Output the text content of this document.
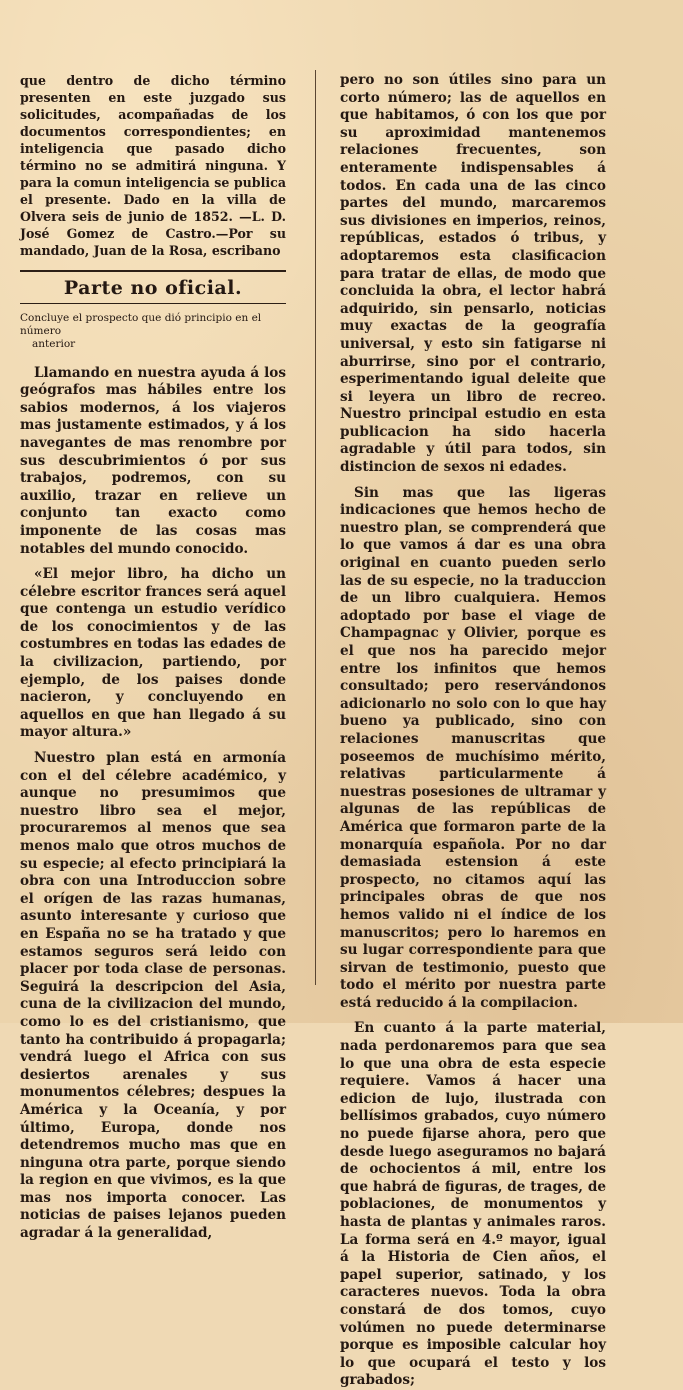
que dentro de dicho término presenten en este juzgado sus solicitudes, acompañadas de los documentos correspondientes; en inteligencia que pasado dicho término no se admitirá ninguna. Y para la comun inteligencia se publica el presente. Dado en la villa de Olvera seis de junio de 1852. —L. D. José Gomez de Castro.—Por su mandado, Juan de la Rosa, escribano

Parte no oficial.
Concluye el prospecto que dió principio en el número
anterior

Llamando en nuestra ayuda á los geógrafos mas hábiles entre los sabios modernos, á los viajeros mas justamente estimados, y á los navegantes de mas renombre por sus descubrimientos ó por sus trabajos, podremos, con su auxilio, trazar en relieve un conjunto tan exacto como imponente de las cosas mas notables del mundo conocido.

«El mejor libro, ha dicho un célebre escritor frances será aquel que contenga un estudio verídico de los conocimientos y de las costumbres en todas las edades de la civilizacion, partiendo, por ejemplo, de los paises donde nacieron, y concluyendo en aquellos en que han llegado á su mayor altura.»

Nuestro plan está en armonía con el del célebre académico, y aunque no presumimos que nuestro libro sea el mejor, procuraremos al menos que sea menos malo que otros muchos de su especie; al efecto principiará la obra con una Introduccion sobre el orígen de las razas humanas, asunto interesante y curioso que en España no se ha tratado y que estamos seguros será leido con placer por toda clase de personas. Seguirá la descripcion del Asia, cuna de la civilizacion del mundo, como lo es del cristianismo, que tanto ha contribuido á propagarla; vendrá luego el Africa con sus desiertos arenales y sus monumentos célebres; despues la América y la Oceanía, y por último, Europa, donde nos detendremos mucho mas que en ninguna otra parte, porque siendo la region en que vivimos, es la que mas nos importa conocer. Las noticias de paises lejanos pueden agradar á la generalidad,

pero no son útiles sino para un corto número; las de aquellos en que habitamos, ó con los que por su aproximidad mantenemos relaciones frecuentes, son enteramente indispensables á todos. En cada una de las cinco partes del mundo, marcaremos sus divisiones en imperios, reinos, repúblicas, estados ó tribus, y adoptaremos esta clasificacion para tratar de ellas, de modo que concluida la obra, el lector habrá adquirido, sin pensarlo, noticias muy exactas de la geografía universal, y esto sin fatigarse ni aburrirse, sino por el contrario, esperimentando igual deleite que si leyera un libro de recreo. Nuestro principal estudio en esta publicacion ha sido hacerla agradable y útil para todos, sin distincion de sexos ni edades.

Sin mas que las ligeras indicaciones que hemos hecho de nuestro plan, se comprenderá que lo que vamos á dar es una obra original en cuanto pueden serlo las de su especie, no la traduccion de un libro cualquiera. Hemos adoptado por base el viage de Champagnac y Olivier, porque es el que nos ha parecido mejor entre los infinitos que hemos consultado; pero reservándonos adicionarlo no solo con lo que hay bueno ya publicado, sino con relaciones manuscritas que poseemos de muchísimo mérito, relativas particularmente á nuestras posesiones de ultramar y algunas de las repúblicas de América que formaron parte de la monarquía española. Por no dar demasiada estension á este prospecto, no citamos aquí las principales obras de que nos hemos valido ni el índice de los manuscritos; pero lo haremos en su lugar correspondiente para que sirvan de testimonio, puesto que todo el mérito por nuestra parte está reducido á la compilacion.

En cuanto á la parte material, nada perdonaremos para que sea lo que una obra de esta especie requiere. Vamos á hacer una edicion de lujo, ilustrada con bellísimos grabados, cuyo número no puede fijarse ahora, pero que desde luego aseguramos no bajará de ochocientos á mil, entre los que habrá de figuras, de trages, de poblaciones, de monumentos y hasta de plantas y animales raros. La forma será en 4.º mayor, igual á la Historia de Cien años, el papel superior, satinado, y los caracteres nuevos. Toda la obra constará de dos tomos, cuyo volúmen no puede determinarse porque es imposible calcular hoy lo que ocupará el testo y los grabados;
